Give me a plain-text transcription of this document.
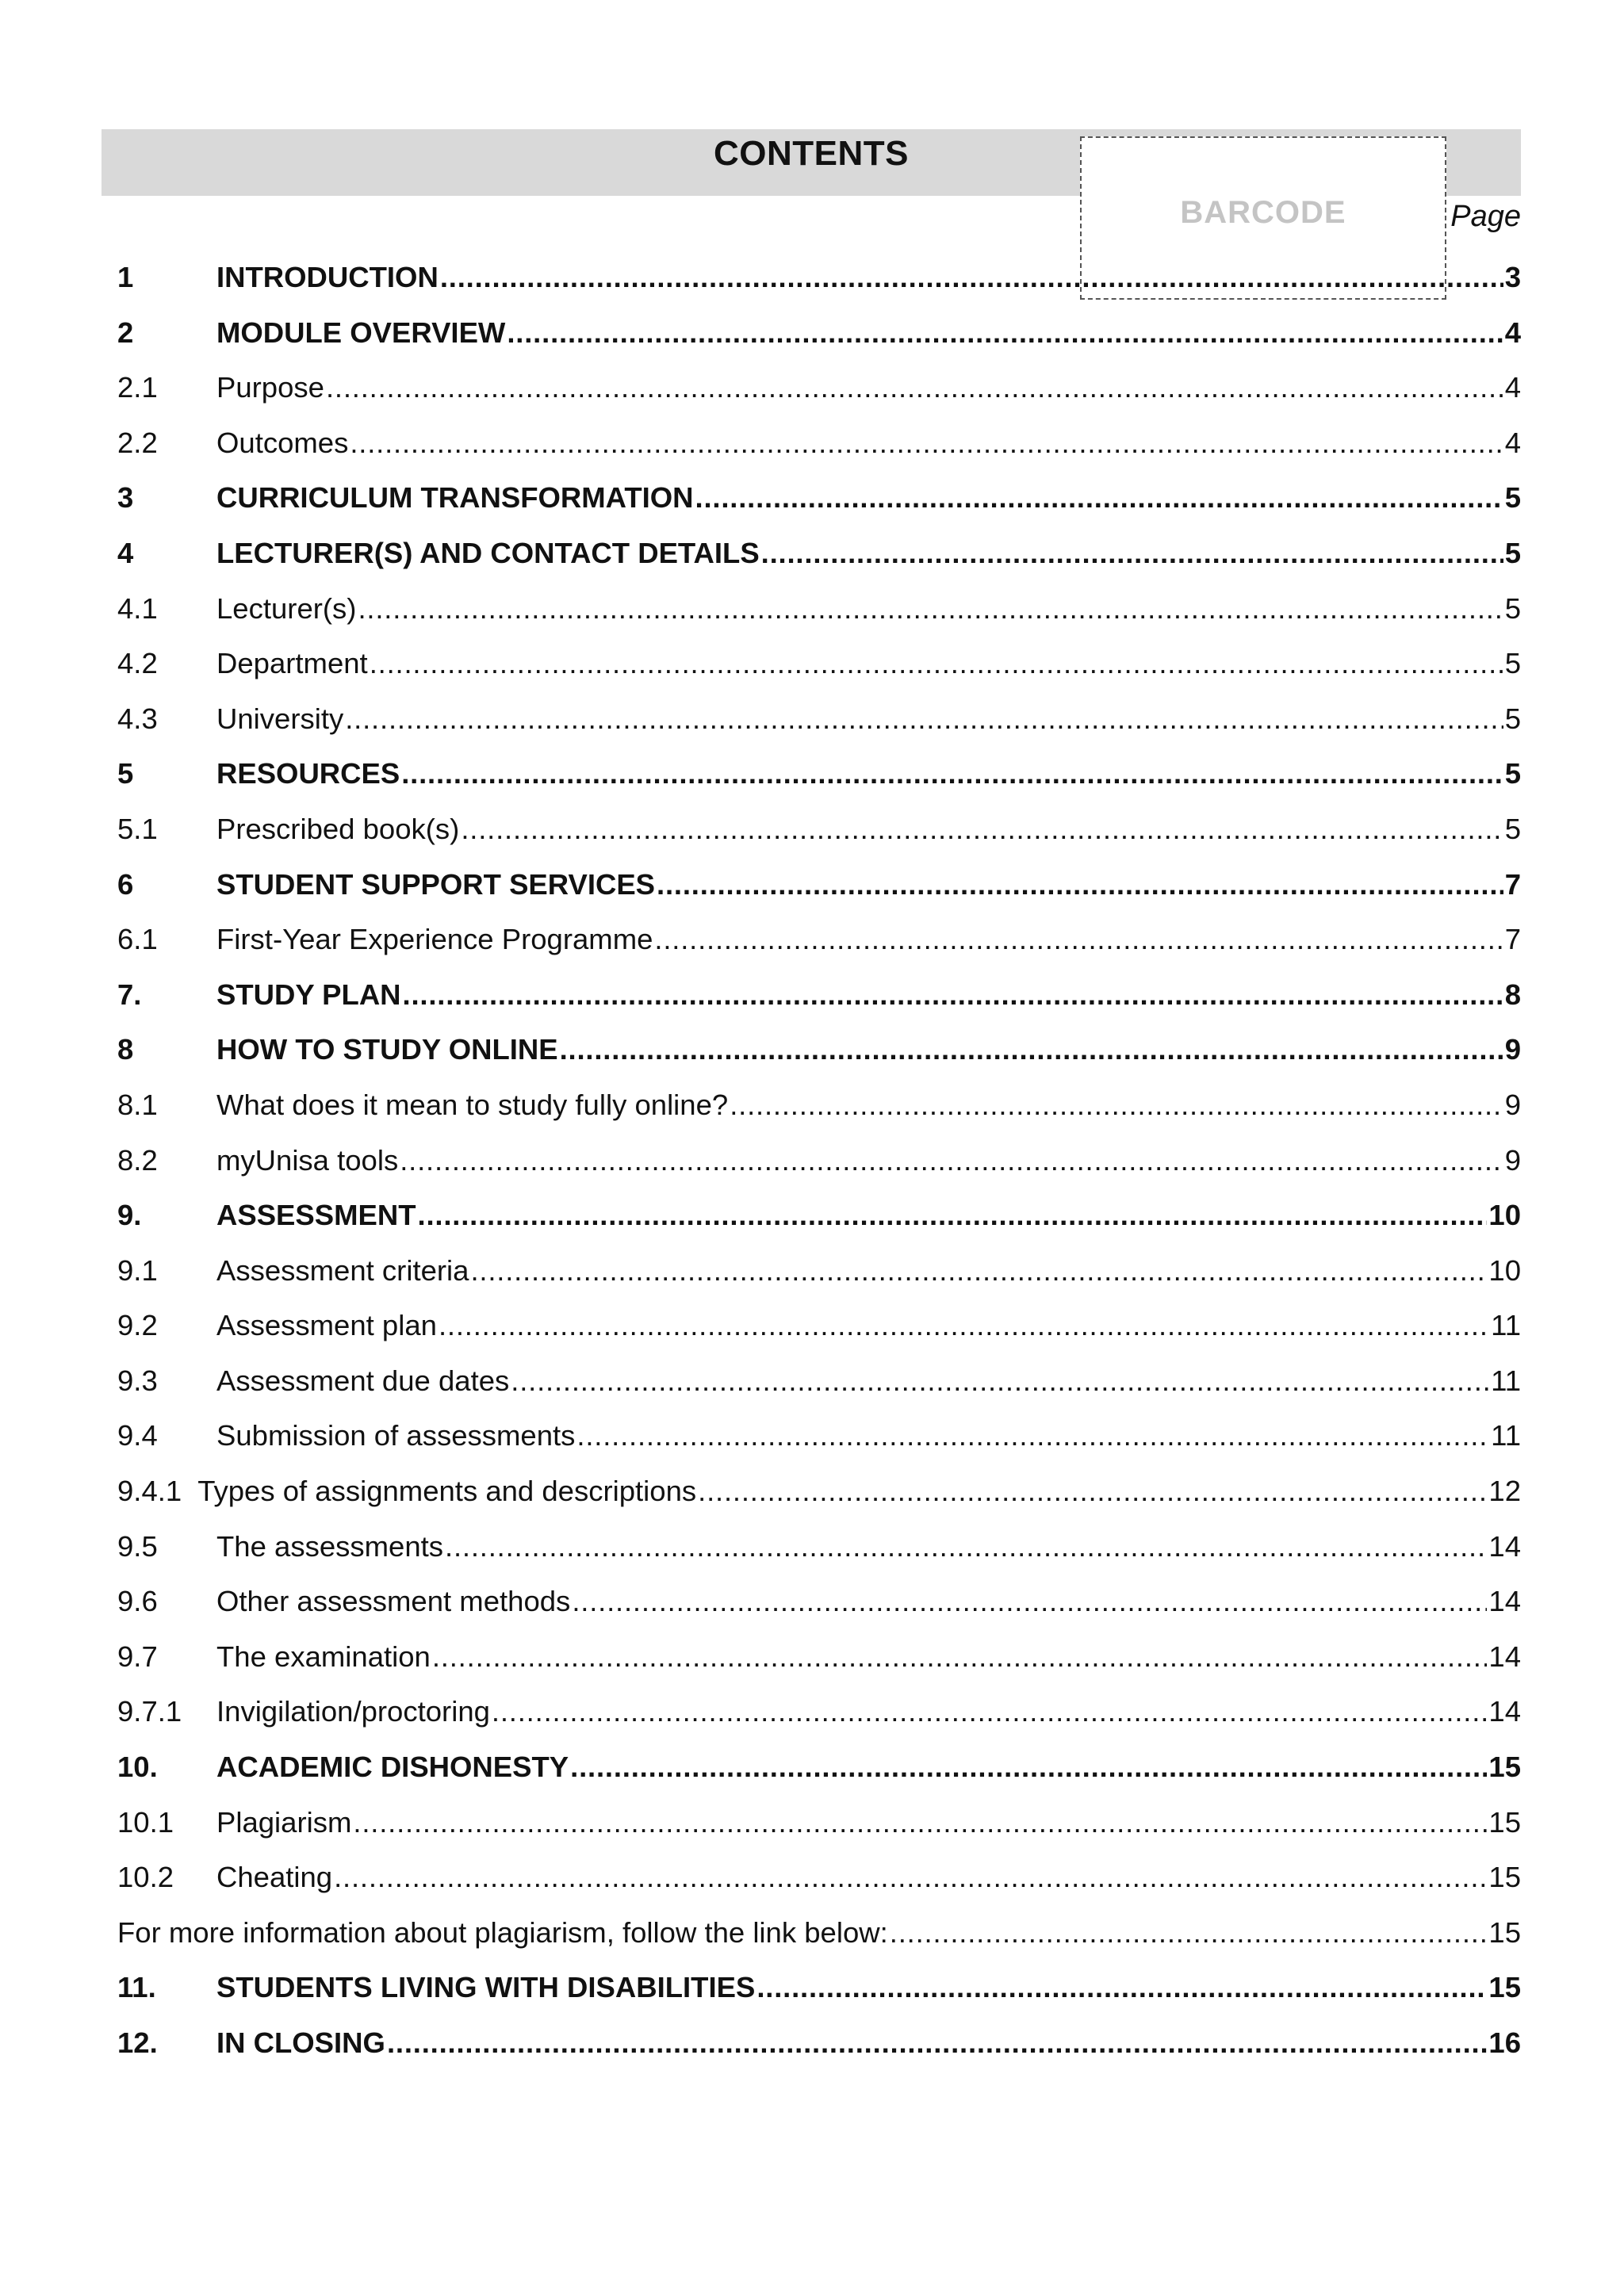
CONTENTS
BARCODE	Page
1	INTRODUCTION .....	3
2	MODULE OVERVIEW .....	4
2.1	Purpose .....	4
2.2	Outcomes .....	4
3	CURRICULUM TRANSFORMATION .....	5
4	LECTURER(S) AND CONTACT DETAILS .....	5
4.1	Lecturer(s) .....	5
4.2	Department .....	5
4.3	University .....	5
5	RESOURCES .....	5
5.1	Prescribed book(s) .....	5
6	STUDENT SUPPORT SERVICES .....	7
6.1	First-Year Experience Programme .....	7
7.	STUDY PLAN .....	8
8	HOW TO STUDY ONLINE .....	9
8.1	What does it mean to study fully online? .....	9
8.2	myUnisa tools .....	9
9.	ASSESSMENT .....	10
9.1	Assessment criteria .....	10
9.2	Assessment plan .....	11
9.3	Assessment due dates .....	11
9.4	Submission of assessments .....	11
9.4.1 Types of assignments and descriptions .....	12
9.5	The assessments .....	14
9.6	Other assessment methods .....	14
9.7	The examination .....	14
9.7.1	Invigilation/proctoring .....	14
10.	ACADEMIC DISHONESTY .....	15
10.1	Plagiarism .....	15
10.2	Cheating .....	15
For more information about plagiarism, follow the link below: .....	15
11.	STUDENTS LIVING WITH DISABILITIES .....	15
12.	IN CLOSING .....	16
